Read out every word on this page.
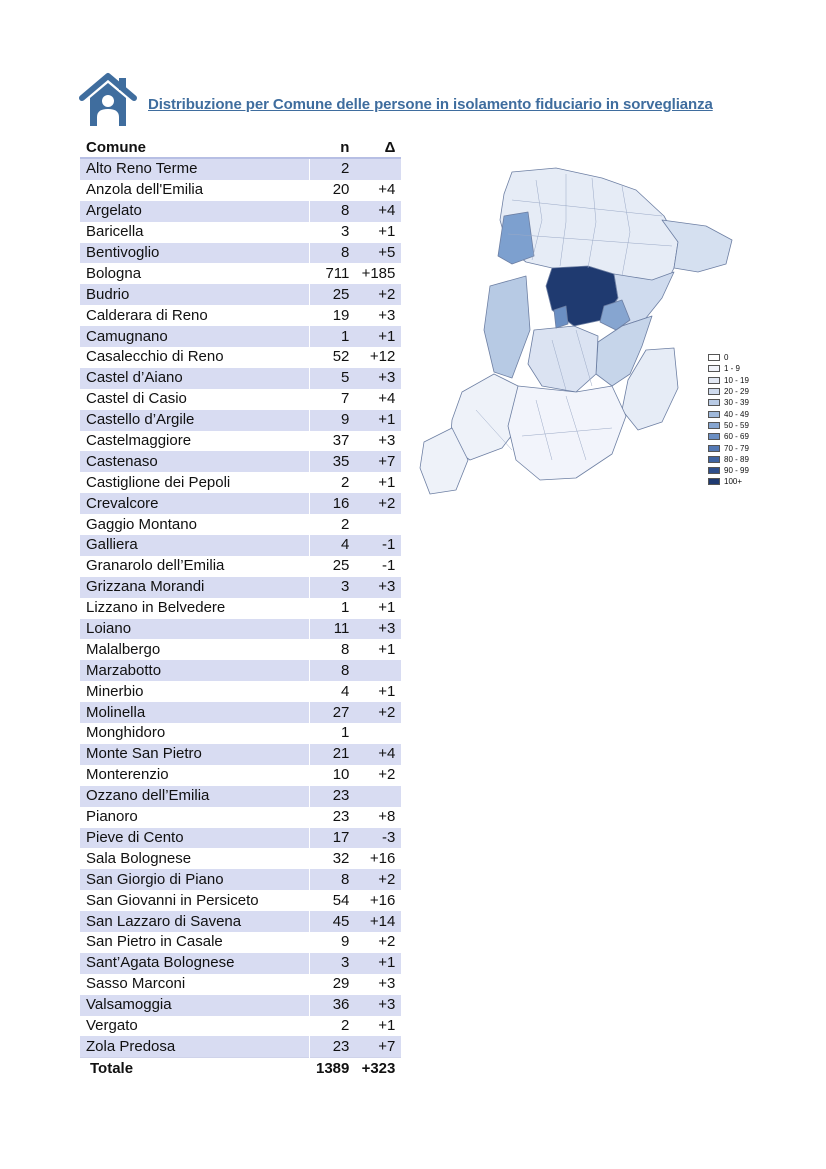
Distribuzione per Comune delle persone in isolamento fiduciario in sorveglianza
Comune	n	Δ
Alto Reno Terme	2	
Anzola dell'Emilia	20	+4
Argelato	8	+4
Baricella	3	+1
Bentivoglio	8	+5
Bologna	711	+185
Budrio	25	+2
Calderara di Reno	19	+3
Camugnano	1	+1
Casalecchio di Reno	52	+12
Castel d’Aiano	5	+3
Castel di Casio	7	+4
Castello d’Argile	9	+1
Castelmaggiore	37	+3
Castenaso	35	+7
Castiglione dei Pepoli	2	+1
Crevalcore	16	+2
Gaggio Montano	2	
Galliera	4	-1
Granarolo dell’Emilia	25	-1
Grizzana Morandi	3	+3
Lizzano in Belvedere	1	+1
Loiano	11	+3
Malalbergo	8	+1
Marzabotto	8	
Minerbio	4	+1
Molinella	27	+2
Monghidoro	1	
Monte San Pietro	21	+4
Monterenzio	10	+2
Ozzano dell’Emilia	23	
Pianoro	23	+8
Pieve di Cento	17	-3
Sala Bolognese	32	+16
San Giorgio di Piano	8	+2
San Giovanni in Persiceto	54	+16
San Lazzaro di Savena	45	+14
San Pietro in Casale	9	+2
Sant’Agata Bolognese	3	+1
Sasso Marconi	29	+3
Valsamoggia	36	+3
Vergato	2	+1
Zola Predosa	23	+7
Totale	1389	+323
0
1 - 9
10 - 19
20 - 29
30 - 39
40 - 49
50 - 59
60 - 69
70 - 79
80 - 89
90 - 99
100+
